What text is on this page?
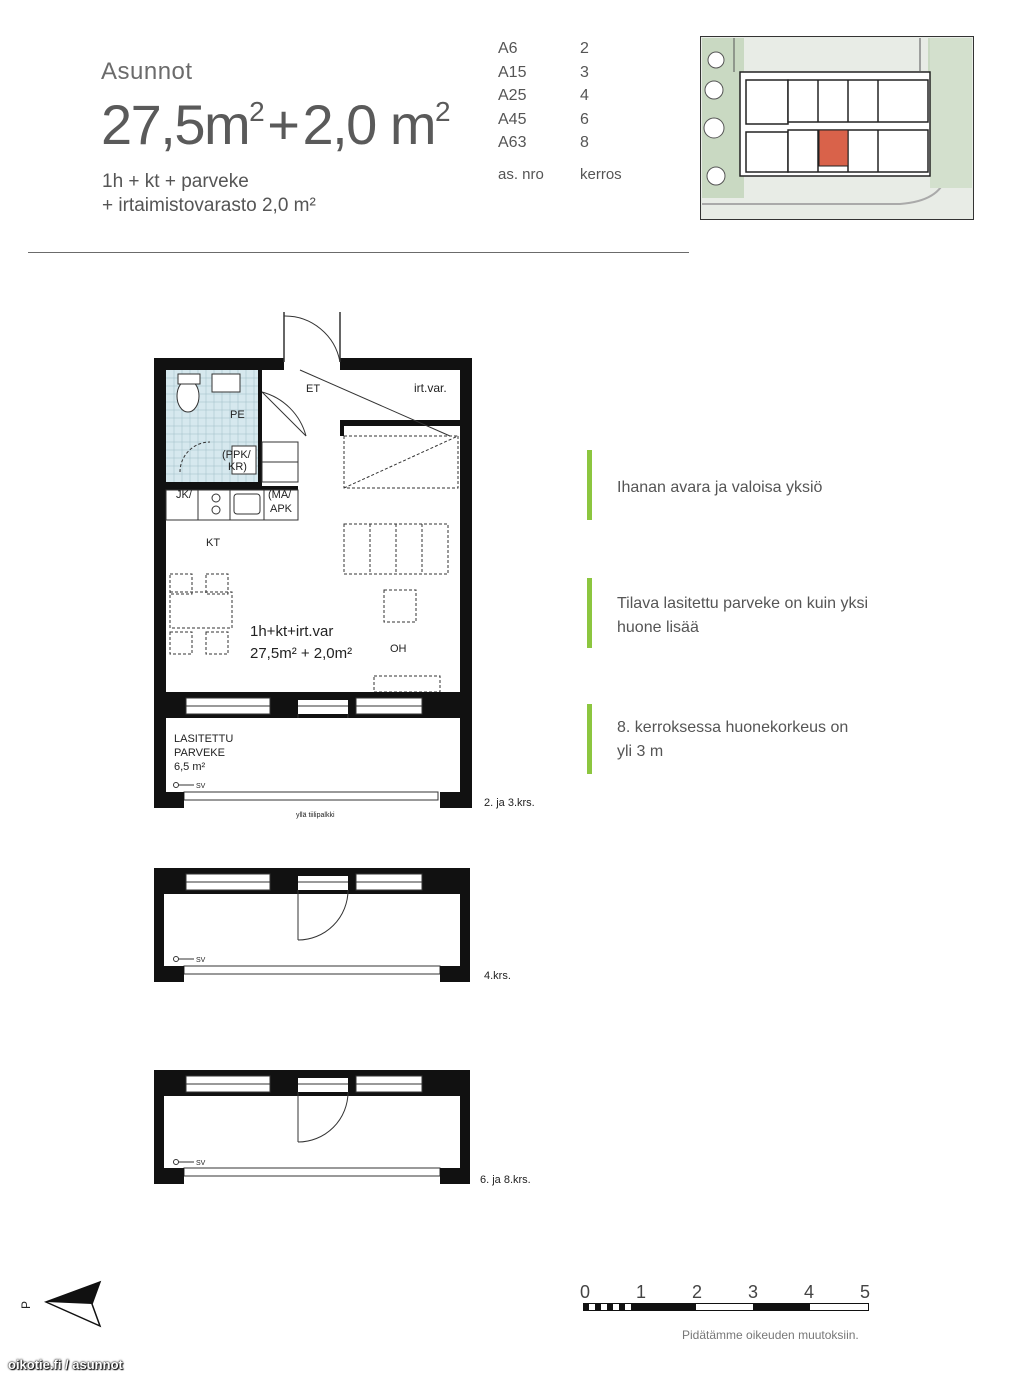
Asunnot
$27,5m^2+2,0$ $m^2$
1h + kt + parveke
+ irtaimistovarasto 2,0 m²
A6	2
A15	3
A25	4
A45	6
A63	8
as. nro	kerros
Ihanan avara ja valoisa yksiö
Tilava lasitettu parveke on kuin yksi huone lisää
8. kerroksessa huonekorkeus on yli 3 m
ET	irt.var.
PE
(PPK/
KR)
JK/	(MA/
APK
KT
1h+kt+irt.var
27,5m² + 2,0m²	OH
LASITETTU
PARVEKE
6,5 m²
SV
yllä tiilipalkki
2. ja 3.krs.
SV
4.krs.
SV
6. ja 8.krs.
P
0	1	2	3	4	5
Pidätämme oikeuden muutoksiin.
oikotie.fi / asunnot
